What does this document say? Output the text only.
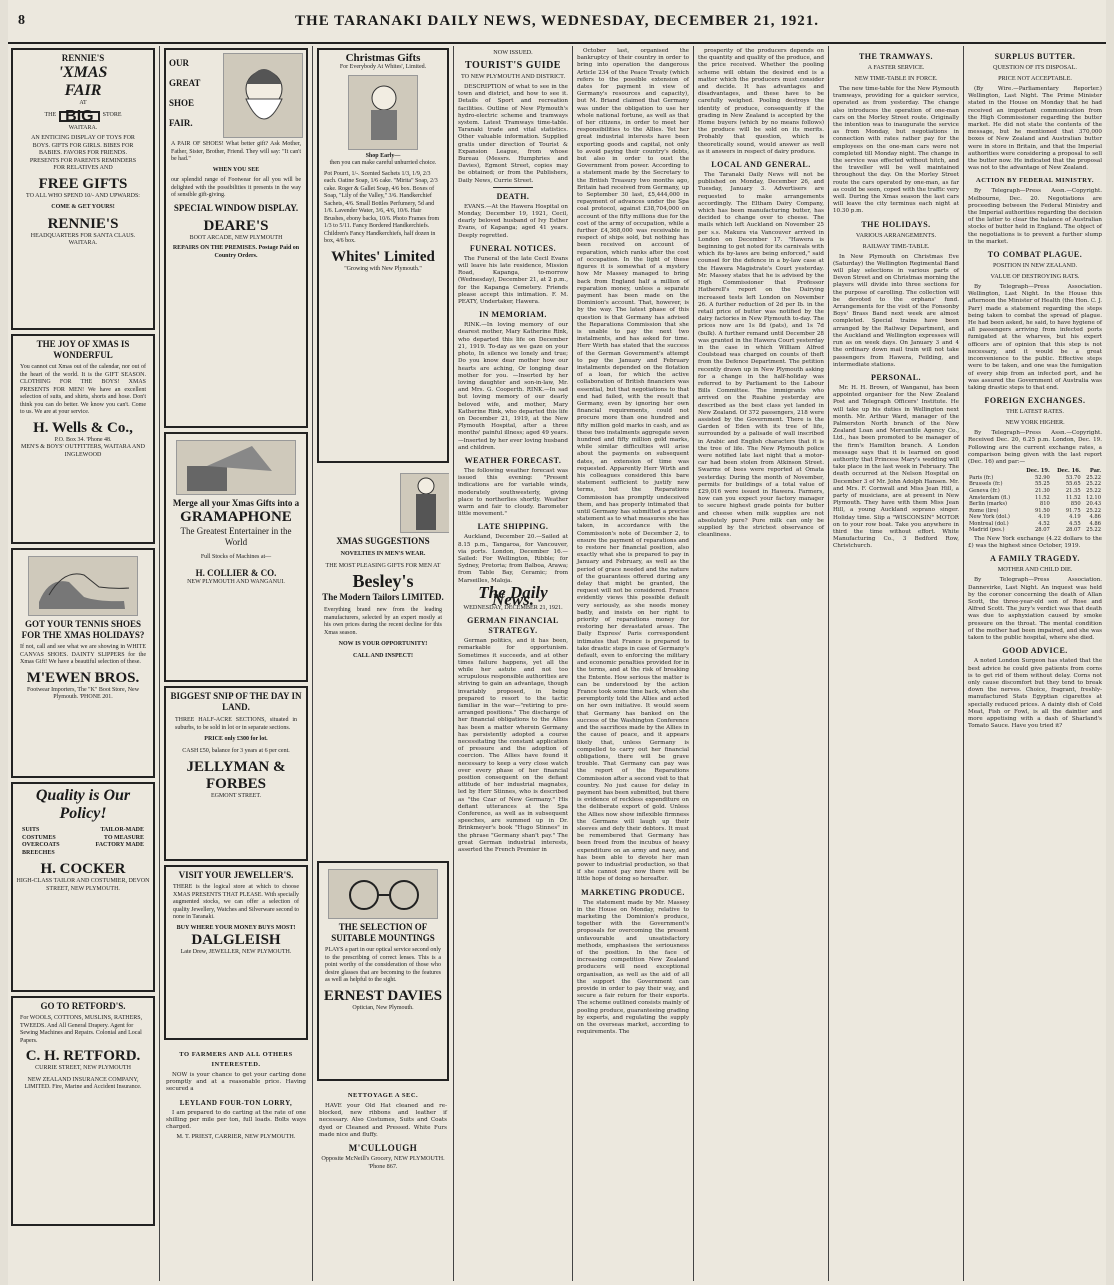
8	THE TARANAKI DAILY NEWS, WEDNESDAY, DECEMBER 21, 1921.
RENNIE'S
'XMAS
FAIR
AT
THE BIG	STORE
WAITARA.
AN ENTICING DISPLAY OF TOYS FOR BOYS. GIFTS FOR GIRLS. BIBES FOR BABIES. FAVORS FOR FRIENDS. PRESENTS FOR PARENTS REMINDERS FOR RELATIVES AND
FREE GIFTS
TO ALL WHO SPEND 10/- AND UPWARDS:
COME & GET YOURS!
RENNIE'S
HEADQUARTERS FOR SANTA CLAUS. WAITARA.
THE JOY OF XMAS IS WONDERFUL
You cannot cut Xmas out of the calendar, nor out of the heart of the world. It is the GIFT SEASON. CLOTHING FOR THE BOYS! XMAS PRESENTS FOR MEN! We have an excellent selection of suits, and shirts, shorts and hose. Don't think you can do better. We know you can't. Come to us. We are at your service.
H. Wells & Co.,
P.O. Box 34. 'Phone 48.
MEN'S & BOYS' OUTFITTERS, WAITARA AND INGLEWOOD
GOT YOUR TENNIS SHOES FOR THE XMAS HOLIDAYS?
If not, call and see what we are showing in WHITE CANVAS SHOES. DAINTY SLIPPERS for the Xmas Gift! We have a beautiful selection of these.
M'EWEN BROS.
Footwear Importers, The "K" Boot Store, New Plymouth. 'PHONE 201.
Quality is Our Policy!
SUITS
COSTUMES
OVERCOATS
BREECHES
TAILOR-MADE
TO MEASURE
FACTORY MADE
H. COCKER
HIGH-CLASS TAILOR AND COSTUMIER, DEVON STREET, NEW PLYMOUTH.
GO TO RETFORD'S.
For WOOLS, COTTONS, MUSLINS, RATHERS, TWEEDS. And All General Drapery. Agent for Sewing Machines and Repairs. Colonial and Local Papers.
C. H. RETFORD.
CURRIE STREET, NEW PLYMOUTH
NEW ZEALAND INSURANCE COMPANY, LIMITED. Fire, Marine and Accident Insurance.
OUR
GREAT
SHOE
FAIR.
A PAIR OF SHOES! What better gift? Ask Mother, Father, Sister, Brother, Friend. They will say: "It can't be had."
WHEN YOU SEE
our splendid range of Footwear for all you will be delighted with the possibilities it presents in the way of sensible gift-giving.
SPECIAL WINDOW DISPLAY.
DEARE'S
BOOT ARCADE, NEW PLYMOUTH
REPAIRS ON THE PREMISES. Postage Paid on Country Orders.
Merge all your Xmas Gifts into a
GRAMAPHONE
The Greatest Entertainer in the World
Full Stocks of Machines at—
H. COLLIER & CO.
NEW PLYMOUTH AND WANGANUI.
BIGGEST SNIP OF THE DAY IN LAND.
THREE HALF-ACRE SECTIONS, situated in suburbs, to be sold in lot or in separate sections.
PRICE only £300 for lot.
CASH £50, balance for 3 years at 6 per cent.
JELLYMAN & FORBES
EGMONT STREET.
VISIT YOUR JEWELLER'S.
THERE is the logical store at which to choose XMAS PRESENTS THAT PLEASE. With specially augmented stocks, we can offer a selection of quality Jewellery, Watches and Silverware second to none in Taranaki.
BUY WHERE YOUR MONEY BUYS MOST!
DALGLEISH
Late Drew, JEWELLER, NEW PLYMOUTH.
TO FARMERS AND ALL OTHERS INTERESTED.

NOW is your chance to get your carting done promptly and at a reasonable price. Having secured a

LEYLAND FOUR-TON LORRY,

I am prepared to do carting at the rate of one shilling per mile per ton, full loads. Bolts ways charged.

M. T. PRIEST, CARRIER, NEW PLYMOUTH.
Christmas Gifts
For Everybody At Whites', Limited.
Shop Early—
then you can make careful unhurried choice.
Pot Pourri, 1/-. Scented Sachets 1/3, 1/9, 2/3 each. Oatine Soap, 1/6 cake. "Mirita" Soap, 2/3 cake. Roger & Gallet Soap, 4/6 box. Boxes of Soap, "Lily of the Valley," 3/6. Handkerchief Sachets, 4/6. Small Bottles Perfumery, 5d and 1/6. Lavender Water, 3/6, 4/6, 10/6. Hair Brushes, ebony backs, 10/6. Photo Frames from 1/3 to 5/11. Fancy Bordered Handkerchiefs. Children's Fancy Handkerchiefs, half dozen in box, 4/6 box.
Whites' Limited
"Growing with New Plymouth."
XMAS SUGGESTIONS
NOVELTIES IN MEN'S WEAR.
THE MOST PLEASING GIFTS FOR MEN AT
Besley's
The Modern Tailors LIMITED.
Everything brand new from the leading manufacturers, selected by an expert mostly at his own prices during the recent decline for this Xmas season.
NOW IS YOUR OPPORTUNITY!
CALL AND INSPECT!
THE SELECTION OF SUITABLE MOUNTINGS
PLAYS a part in our optical service second only to the prescribing of correct lenses. This is a point worthy of the consideration of those who desire glasses that are becoming to the features as well as helpful to the sight.
ERNEST DAVIES
Optician, New Plymouth.
NETTOYAGE A SEC.

HAVE your Old Hat cleaned and re-blocked, new ribbons and leather if necessary. Also Costumes, Suits and Coats dyed or Cleaned and Pressed. White Furs made nice and fluffy.

M'CULLOUGH
Opposite McNeill's Grocery, NEW PLYMOUTH. 'Phone 867.
NOW ISSUED.
TOURIST'S GUIDE
TO NEW PLYMOUTH AND DISTRICT.

DESCRIPTION of what to see in the town and district, and how to see it. Details of Sport and recreation facilities. Outline of New Plymouth's hydro-electric scheme and tramways system. Latest Tramways time-table. Taranaki trade and vital statistics. Other valuable information. Supplied gratis under direction of Tourist & Expansion League, from whose Bureau (Messrs. Humphries and Davies), Egmont Street, copies may be obtained; or from the Publishers, Daily News, Currie Street.

DEATH.

EVANS.—At the Hawera Hospital on Monday, December 19, 1921, Cecil, dearly beloved husband of Ivy Esther Evans, of Kapanga; aged 41 years. Deeply regretted.

FUNERAL NOTICES.

The Funeral of the late Cecil Evans will leave his late residence, Mission Road, Kapanga, to-morrow (Wednesday), December 21, at 2 p.m., for the Kapanga Cemetery. Friends please accept this intimation. F. M. PEATY, Undertaker, Hawera.

IN MEMORIAM.

RINK.—In loving memory of our dearest mother, Mary Katherine Rink, who departed this life on December 21, 1919. To-day as we gaze on your photo, In silence we lonely and true; Do you know dear mother how our hearts are aching, Or longing dear mother for you. —Inserted by her loving daughter and son-in-law, Mr. and Mrs. G. Cooperth. RINK.—In sad but loving memory of our dearly beloved wife, and mother, Mary Katherine Rink, who departed this life on December 21, 1919, at the New Plymouth Hospital, after a three months' painful illness; aged 49 years. —Inserted by her ever loving husband and children.

WEATHER FORECAST.

The following weather forecast was issued this evening: "Present indications are for variable winds, moderately southwesterly, giving place to northerlies shortly. Weather warm and fair to cloudy. Barometer little movement."

LATE SHIPPING.

Auckland, December 20.—Sailed at 8.15 p.m., Tangaroa, for Vancouver, via ports. London, December 16.—Sailed: For Wellington, Ribble; for Sydney, Pretoria; from Balboa, Arawa; from Table Bay, Ceramic; from Marseilles, Maloja.

The Daily News.
WEDNESDAY, DECEMBER 21, 1921.
GERMAN FINANCIAL STRATEGY.

German politics, and it has been, remarkable for opportunism. Sometimes it succeeds, and at other times failure happens, yet all the while her astute and not too scrupulous responsible authorities are striving to gain an advantage, though invariably proposed, in being prepared to resort to the tactic familiar in the war—"retiring to pre-arranged positions." The discharge of her financial obligations to the Allies has been a matter wherein Germany has persistently adopted a course necessitating the constant application of pressure and the adoption of coercion. The Allies have found it necessary to keep a very close watch over every phase of her financial position consequent on the defiant attitude of her industrial magnates, led by Herr Stinnes, who is described as "the Czar of New Germany." His defiant utterances at the Spa Conference, as well as in subsequent speeches, are summed up in Dr. Brinkmeyer's book "Hugo Stinnes" in the phrase "Germany shan't pay." The great German industrial interests, asserted the French Premier in

October last, organised the bankruptcy of their country in order to bring into operation the dangerous Article 234 of the Peace Treaty (which refers to the possible extension of dates for payment in view of Germany's resources and capacity), but M. Briand claimed that Germany was under the obligation to use her whole national fortune, as well as that of her citizens, in order to meet her responsibilities to the Allies. Yet her great industrial interests have been exporting goods and capital, not only to avoid paying their country's debts, but also in order to oust the Government from power. According to a statement made by the Secretary to the British Treasury two months ago, Britain had received from Germany, up to September 30 last, £5,444,000 in repayment of advances under the Spa coal protocol, against £38,704,000 on account of the fifty millions due for the cost of the army of occupation, while a further £4,368,000 was receivable in respect of ships sold, but nothing has been received on account of reparation, which ranks after the cost of occupation. In the light of these figures it is somewhat of a mystery how Mr Massey managed to bring back from England half a million of reparation money, unless a separate payment has been made on the Dominion's account. That, however, is by the way. The latest phase of this question is that Germany has advised the Reparations Commission that she is unable to pay the next two instalments, and has asked for time. Herr Wirth has stated that the success of the German Government's attempt to pay the January and February instalments depended on the flotation of a loan, for which the active collaboration of British financiers was essential, but that negotiations to that end had failed, with the result that Germany, even by ignoring her own financial requirements, could not procure more than one hundred and fifty million gold marks in cash, and as these two instalments aggregate seven hundred and fifty million gold marks, while similar difficulties will arise about the payments on subsequent dates, an extension of time was requested. Apparently Herr Wirth and his colleagues considered this bare statement sufficient to justify new terms, but the Reparations Commission has promptly undeceived them, and has properly intimated that until Germany has submitted a precise statement as to what measures she has taken, in accordance with the Commission's note of December 2, to ensure the payment of reparations and to restore her financial position, also exactly what she is prepared to pay in January and February, as well as the period of grace needed and the nature of the guarantees offered during any delay that might be granted, the request will not be considered. France evidently views this possible default very seriously, as she needs money badly, and insists on her right to priority of reparations money for restoring her devastated areas. The Daily Express' Paris correspondent intimates that France is prepared to take drastic steps in case of Germany's default, even to enforcing the military and economic penalties provided for in the terms, and at the risk of breaking the Entente. How serious the matter is can be understood by the action France took some time back, when she peremptorily told the Allies and acted on her own initiative. It would seem that Germany has banked on the success of the Washington Conference and the sacrifices made by the Allies in the cause of peace, and it appears likely that, unless Germany is compelled to carry out her financial obligations, there will be grave trouble. That Germany can pay was the report of the Reparations Commission after a second visit to that country. No just cause for delay in payment has been submitted, but there is evidence of reckless expenditure on the deliberate export of gold. Unless the Allies now show inflexible firmness the Germans will laugh up their sleeves and defy their debtors. It must be remembered that Germany has been freed from the incubus of heavy expenditure on an army and navy, and has been able to devote her man power to industrial production, so that if she cannot pay now there will be little hope of doing so hereafter.

MARKETING PRODUCE.

The statement made by Mr. Massey in the House on Monday, relative to marketing the Dominion's produce, together with the Government's proposals for overcoming the present unfavourable and unsatisfactory methods, emphasises the seriousness of the position. In the face of increasing competition New Zealand producers will need exceptional organisation, as well as the aid of all the support the Government can provide in order to pay their way, and secure a fair return for their exports. The scheme outlined consists mainly of pooling produce, guaranteeing grading by experts, and regulating the supply on the overseas market, according to requirements. The

prosperity of the producers depends on the quantity and quality of the produce, and the price received. Whether the pooling scheme will obtain the desired end is a matter which the producers must consider and decide. It has advantages and disadvantages, and these have to be carefully weighed. Pooling destroys the identity of produce, consequently if the grading in New Zealand is accepted by the Home buyers (which by no means follows) the produce will be sold on its merits. Probably that question, which is theoretically sound, would answer as well as it answers in respect of dairy produce.

LOCAL AND GENERAL.

The Taranaki Daily News will not be published on Monday, December 26, and Tuesday, January 3. Advertisers are requested to make arrangements accordingly. The Eltham Dairy Company, which has been manufacturing butter, has decided to change over to cheese. The mails which left Auckland on November 25 per s.s. Makura via Vancouver arrived in London on December 17. "Hawera is beginning to get noted for its carnivals with which its by-laws are being enforced," said counsel for the defence in a by-law case at the Hawera Magistrate's Court yesterday. Mr. Massey states that he is advised by the High Commissioner that Professor Hatherell's report on the Dairying increased tests left London on November 26. A further reduction of 2d per lb. in the retail price of butter was notified by the dairy factories in New Plymouth to-day. The prices now are 1s 8d (pats), and 1s 7d (bulk). A further remand until December 28 was granted in the Hawera Court yesterday in the case in which William Alfred Coulstead was charged on counts of theft from the Defence Department. The petition recently drawn up in New Plymouth asking for a change in the half-holiday was referred to by Parliament to the Labour Bills Committee. The immigrants who arrived on the Ruahine yesterday are described as the best class yet landed in New Zealand. Of 372 passengers, 218 were assisted by the Government. There is the Garden of Eden with its tree of life, surrounded by a palisade of wall inscribed in Arabic and English characters that it is the tree of life. The New Plymouth police were notified late last night that a motor-car had been stolen from Atkinson Street. Swarms of bees were reported at Omata yesterday. During the month of November, permits for buildings of a total value of £29,016 were issued in Hawera. Farmers, how can you expect your factory manager to secure highest grade points for butter and cheese when milk supplies are not absolutely pure? Pure milk can only be supplied by the strictest observance of cleanliness.

THE TRAMWAYS.
A FASTER SERVICE.
NEW TIME-TABLE IN FORCE.

The new time-table for the New Plymouth tramways, providing for a quicker service, operated as from yesterday. The change also introduces the operation of one-man cars on the Morley Street route. Originally the intention was to inaugurate the service as from Monday, but negotiations in connection with rates rather pay for the employees on the one-man cars were not completed till Monday night. The change in the service was effected without hitch, and the traveller will be well maintained throughout the day. On the Morley Street route the cars operated by one-man, as far as could be seen, coped with the traffic very well. During the Xmas season the last cars will leave the city terminus each night at 10.30 p.m.

THE HOLIDAYS.
VARIOUS ARRANGEMENTS.
RAILWAY TIME-TABLE.

In New Plymouth on Christmas Eve (Saturday) the Wellington Regimental Band will play selections in various parts of Devon Street and on Christmas morning the players will divide into three sections for the purpose of carolling. The collection will be devoted to the orphans' fund. Arrangements for the visit of the Fonsonby Boys' Brass Band next week are almost completed. Special trains have been arranged by the Railway Department, and the Auckland and Wellington expresses will run as on week days. On January 3 and 4 the ordinary down mail train will not take passengers from Hawera, Feilding, and intermediate stations.

PERSONAL.

Mr. H. H. Brown, of Wanganui, has been appointed organiser for the New Zealand Post and Telegraph Officers' Institute. He will take up his duties in Wellington next month. Mr. Arthur Ward, manager of the Palmerston North branch of the New Zealand Loan and Mercantile Agency Co., Ltd., has been promoted to be manager of the firm's Hamilton branch. A London message says that it is learned on good authority that Princess Mary's wedding will take place in the last week in February. The death occurred at the Nelson Hospital on December 3 of Mr. John Adolph Hansen. Mr. and Mrs. F. Cornwall and Miss Jean Hill, a party of musicians, are at present in New Plymouth. They have with them Miss Jean Hill, a young Auckland soprano singer. Holiday time. Slip a "WISCONSIN" MOTOR on to your row boat. Take you anywhere in third the time without effort. White Manufacturing Co., 3 Bedford Row, Christchurch.

SURPLUS BUTTER.
QUESTION OF ITS DISPOSAL.
PRICE NOT ACCEPTABLE.

(By Wire.—Parliamentary Reporter.) Wellington, Last Night. The Prime Minister stated in the House on Monday that he had received an important communication from the High Commissioner regarding the butter market. He did not state the contents of the message, but he mentioned that 370,000 boxes of New Zealand and Australian butter were in store in Britain, and that the Imperial authorities were considering a proposal to sell the butter now. He indicated that the proposal was not to the advantage of New Zealand.

ACTION BY FEDERAL MINISTRY.

By Telegraph—Press Assn.—Copyright. Melbourne, Dec. 20. Negotiations are proceeding between the Federal Ministry and the Imperial authorities regarding the decision of the latter to clear the balance of Australian stocks of butter held in England. The object of the negotiations is to prevent a further slump in the market.

TO COMBAT PLAGUE.
POSITION IN NEW ZEALAND.
VALUE OF DESTROYING RATS.

By Telegraph—Press Association. Wellington, Last Night. In the House this afternoon the Minister of Health (the Hon. C. J. Parr) made a statement regarding the steps being taken to combat the spread of plague. He had been asked, he said, to have hygiene of all passengers arriving from infected ports fumigated at the wharves, but his expert officers are of opinion that this step is not necessary, and it would be a great inconvenience to the public. Effective steps were to be taken, and one was the fumigation of every ship from an infected port, and he was assured the Government of Australia was taking drastic steps to that end.

FOREIGN EXCHANGES.
THE LATEST RATES.
NEW YORK HIGHER.

By Telegraph—Press Assn.—Copyright. Received Dec. 20, 6.25 p.m. London, Dec. 19. Following are the current exchange rates, a comparison being given with the last report (Dec. 16) and par:—

	Dec. 19.	Dec. 16.	Par.
Paris (fr.)	52.90	53.70	25.22
Brussels (fr.)	55.25	55.65	25.22
Geneva (fr.)	21.30	21.35	25.22
Amsterdam (fl.)	11.52	11.52	12.10
Berlin (marks)	810	850	20.43
Rome (lire)	91.50	91.75	25.22
New York (dol.)	4.19	4.19	4.86
Montreal (dol.)	4.52	4.55	4.86
Madrid (pes.)	28.07	28.07	25.22

The New York exchange (4.22 dollars to the £) was the highest since October, 1919.

A FAMILY TRAGEDY.
MOTHER AND CHILD DIE.

By Telegraph—Press Association. Dannevirke, Last Night. An inquest was held by the coroner concerning the death of Allan Scott, the three-year-old son of Rose and Alfred Scott. The jury's verdict was that death was due to asphyxiation caused by smoke pressure on the throat. The mental condition of the mother had been impaired, and she was taken to the public hospital, where she died.

GOOD ADVICE.

A noted London Surgeon has stated that the best advice he could give patients from corns is to get rid of them without delay. Corns not only cause discomfort but they tend to break down the nerves. Choice, fragrant, freshly-manufactured Stats Egyptian cigarettes at specially reduced prices. A dainty dish of Cold Meat, Fish or Fowl, is all the daintier and more appetising with a dash of Sharland's Tomato Sauce. Have you tried it?
